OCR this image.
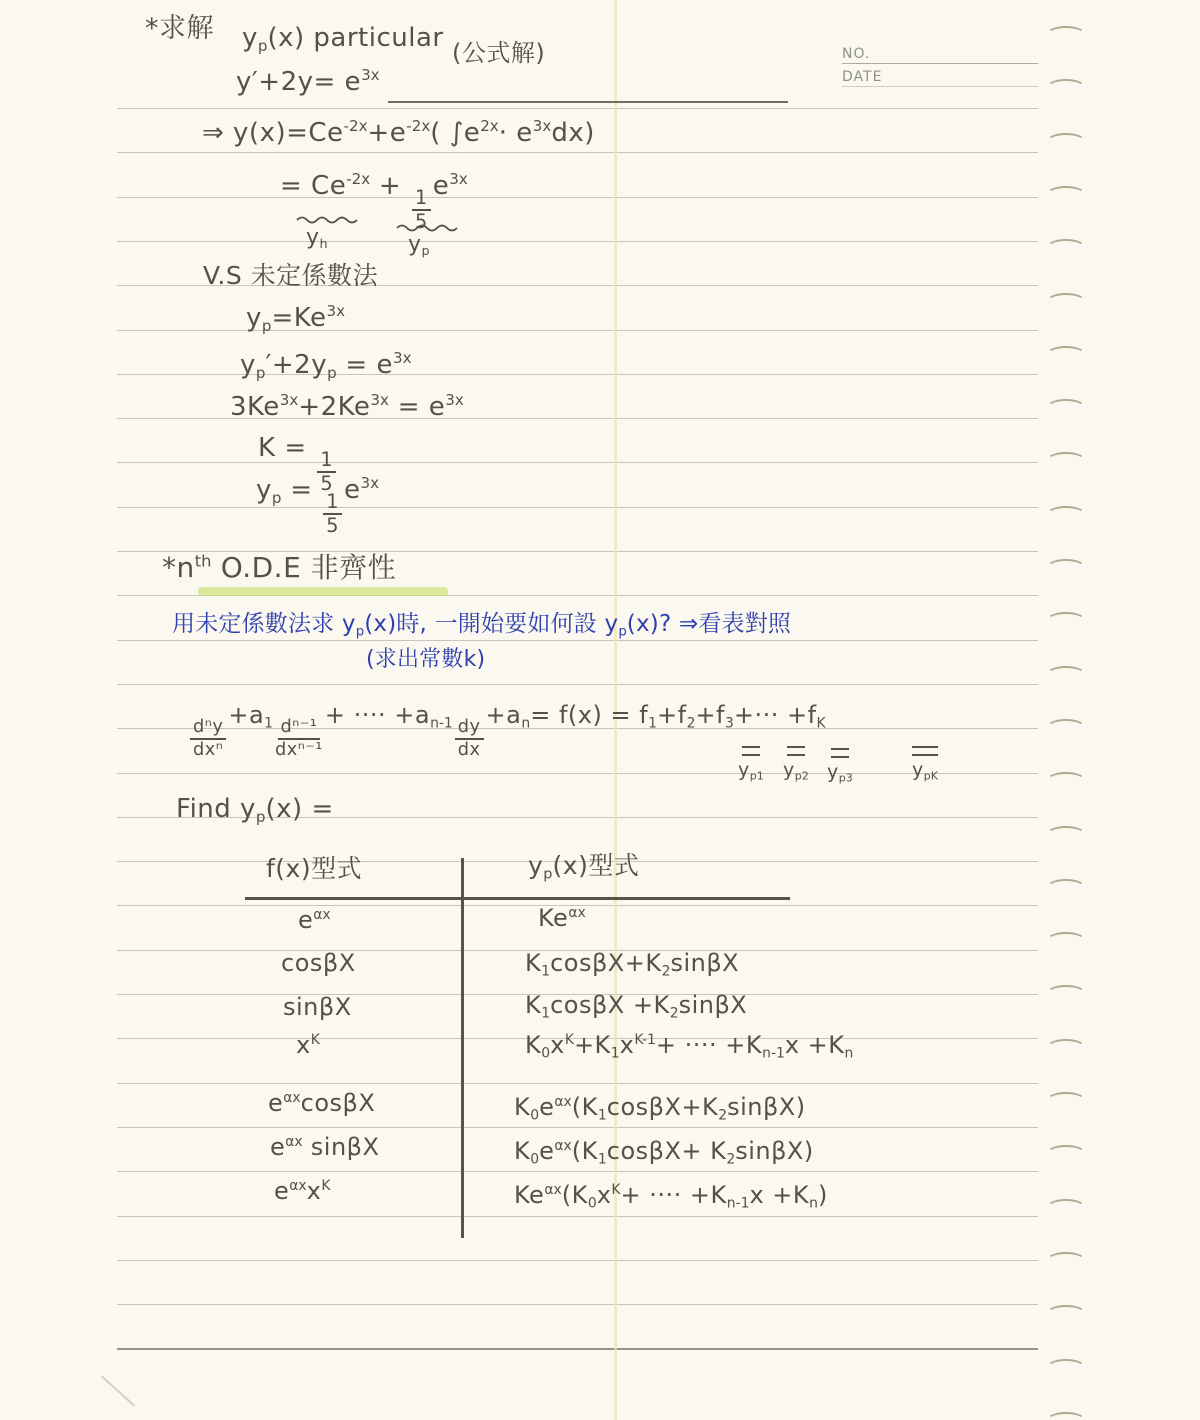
NO.
DATE
*求解 yp(x) particular (公式解)
y′+2y= e3x
⇒ y(x)=Ce-2x+e-2x( ∫e2x· e3xdx)
= Ce-2x +
$\frac{1}{5}$
e3x
yh	yp
V.S 未定係數法
yp=Ke3x
yp′+2yp = e3x
3Ke3x+2Ke3x = e3x
K =
$\frac{1}{5}$
yp =
$\frac{1}{5}$
e3x
*nth O.D.E 非齊性
用未定係數法求 yp(x)時, 一開始要如何設 yp(x)? ⇒看表對照
(求出常數k)
$\frac{\text{dⁿy}}{\text{dxⁿ}}$
$+a1 \frac{\text{dⁿ⁻¹}}{\text{dxⁿ⁻¹}}$
+ ···· $+an-1 \frac{dy}{dx}$
+an= f(x) = f1+f2+f3+··· +fK
yp1 yp2 yp3	ypK
Find yp(x) =
f(x)型式	yp(x)型式
eαx	Keαx
cosβX	K1cosβX+K2sinβX
sinβX	K1cosβX +K2sinβX
xK	K0xK+K1xK-1+ ···· +Kn-1x +Kn
eαxcosβX	K0eαx(K1cosβX+K2sinβX)
eαx sinβX	K0eαx(K1cosβX+ K2sinβX)
eαxxK	Keαx(K0xK+ ···· +Kn-1x +Kn)
